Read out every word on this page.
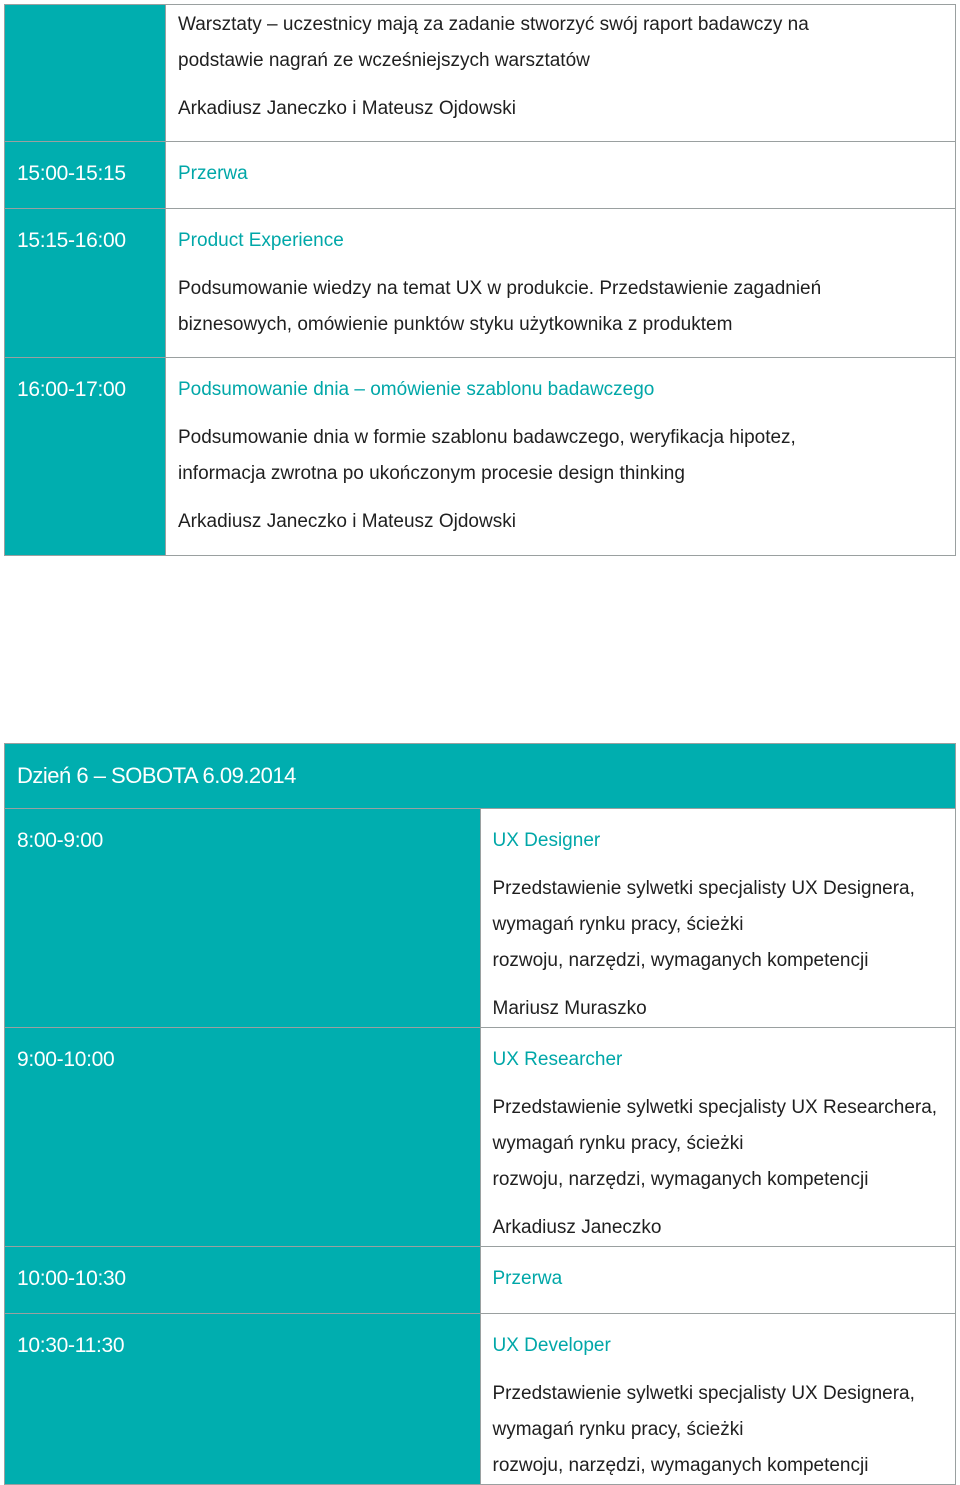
	Warsztaty – uczestnicy mają za zadanie stworzyć swój raport badawczy na
podstawie nagrań ze wcześniejszych warsztatów
Arkadiusz Janeczko i Mateusz Ojdowski

15:00-15:15	Przerwa

15:15-16:00	Product Experience
Podsumowanie wiedzy na temat UX w produkcie. Przedstawienie zagadnień
biznesowych, omówienie punktów styku użytkownika z produktem

16:00-17:00	Podsumowanie dnia – omówienie szablonu badawczego
Podsumowanie dnia w formie szablonu badawczego, weryfikacja hipotez,
informacja zwrotna po ukończonym procesie design thinking
Arkadiusz Janeczko i Mateusz Ojdowski
Dzień 6 – SOBOTA 6.09.2014	

8:00-9:00	UX Designer
Przedstawienie sylwetki specjalisty UX Designera, wymagań rynku pracy, ścieżki
rozwoju, narzędzi, wymaganych kompetencji
Mariusz Muraszko

9:00-10:00	UX Researcher
Przedstawienie sylwetki specjalisty UX Researchera, wymagań rynku pracy, ścieżki
rozwoju, narzędzi, wymaganych kompetencji
Arkadiusz Janeczko

10:00-10:30	Przerwa

10:30-11:30	UX Developer
Przedstawienie sylwetki specjalisty UX Designera, wymagań rynku pracy, ścieżki
rozwoju, narzędzi, wymaganych kompetencji
